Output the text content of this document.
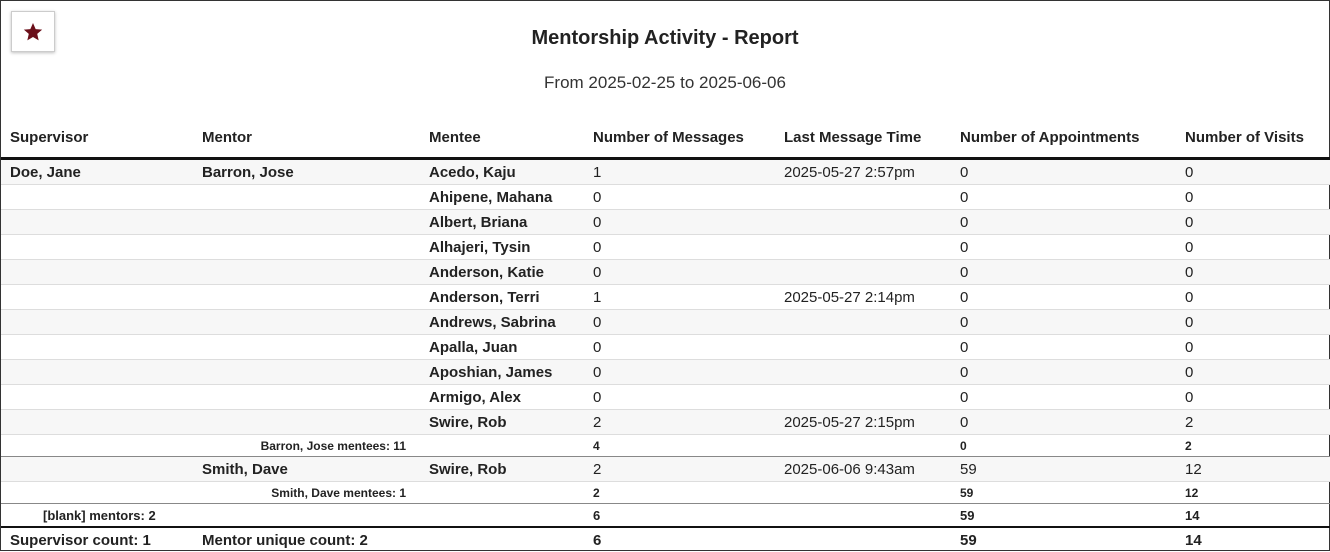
Mentorship Activity - Report
From 2025-02-25 to 2025-06-06
Supervisor	Mentor	Mentee	Number of Messages	Last Message Time	Number of Appointments	Number of Visits
Doe, Jane	Barron, Jose	Acedo, Kaju	1	2025-05-27 2:57pm	0	0
		Ahipene, Mahana	0		0	0
		Albert, Briana	0		0	0
		Alhajeri, Tysin	0		0	0
		Anderson, Katie	0		0	0
		Anderson, Terri	1	2025-05-27 2:14pm	0	0
		Andrews, Sabrina	0		0	0
		Apalla, Juan	0		0	0
		Aposhian, James	0		0	0
		Armigo, Alex	0		0	0
		Swire, Rob	2	2025-05-27 2:15pm	0	2
Barron, Jose mentees: 11			4		0	2
	Smith, Dave	Swire, Rob	2	2025-06-06 9:43am	59	12
Smith, Dave mentees: 1			2		59	12
[blank] mentors: 2			6		59	14
Supervisor count: 1	Mentor unique count: 2		6		59	14
